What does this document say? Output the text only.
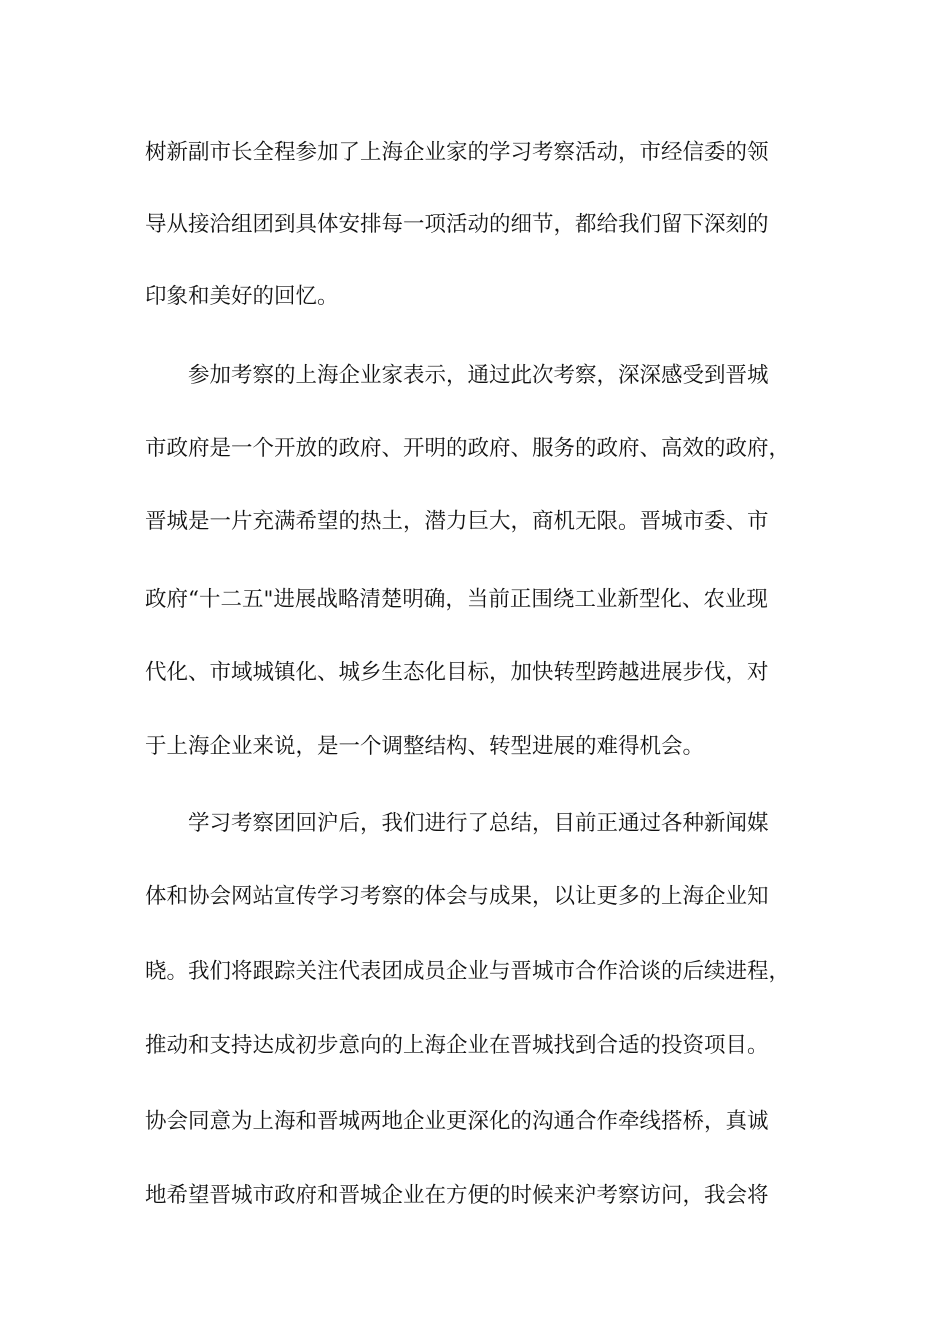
树新副市长全程参加了上海企业家的学习考察活动，市经信委的领
导从接洽组团到具体安排每一项活动的细节，都给我们留下深刻的
印象和美好的回忆。
参加考察的上海企业家表示，通过此次考察，深深感受到晋城
市政府是一个开放的政府、开明的政府、服务的政府、高效的政府，
晋城是一片充满希望的热土，潜力巨大，商机无限。晋城市委、市
政府“十二五"进展战略清楚明确，当前正围绕工业新型化、农业现
代化、市域城镇化、城乡生态化目标，加快转型跨越进展步伐，对
于上海企业来说，是一个调整结构、转型进展的难得机会。
学习考察团回沪后，我们进行了总结，目前正通过各种新闻媒
体和协会网站宣传学习考察的体会与成果，以让更多的上海企业知
晓。我们将跟踪关注代表团成员企业与晋城市合作洽谈的后续进程，
推动和支持达成初步意向的上海企业在晋城找到合适的投资项目。
协会同意为上海和晋城两地企业更深化的沟通合作牵线搭桥，真诚
地希望晋城市政府和晋城企业在方便的时候来沪考察访问，我会将
